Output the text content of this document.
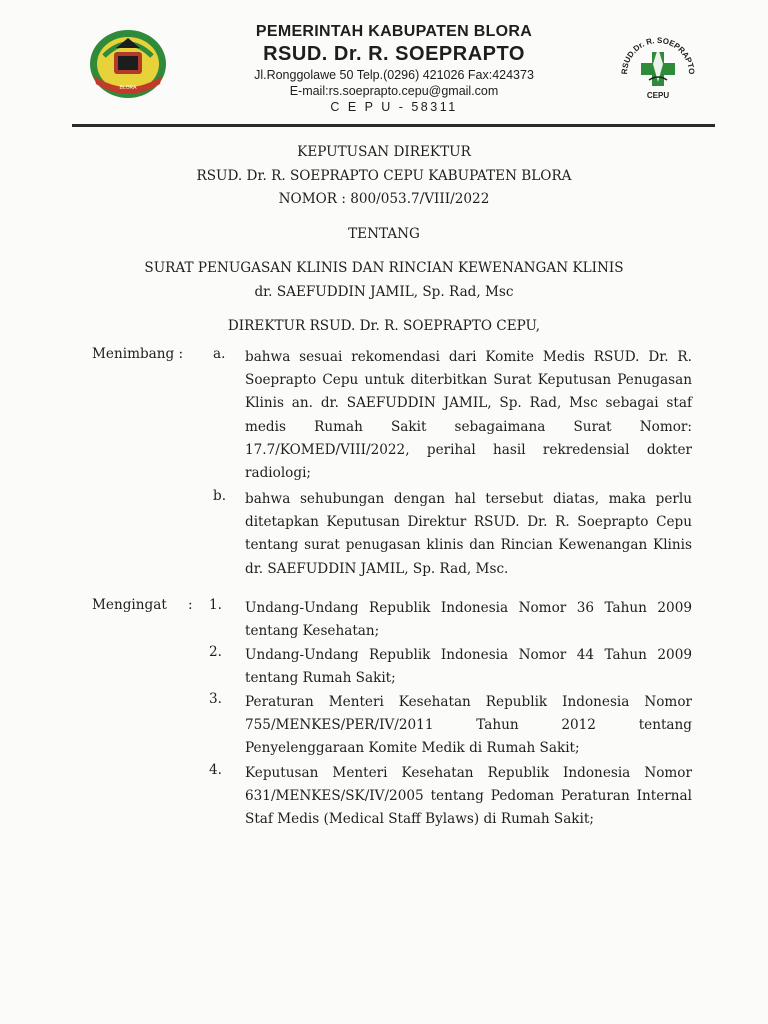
BLORA
PEMERINTAH KABUPATEN BLORA
RSUD. Dr. R. SOEPRAPTO
Jl.Ronggolawe 50 Telp.(0296) 421026 Fax:424373
E-mail:rs.soeprapto.cepu@gmail.com
C E P U - 58311
RSUD.Dr. R. SOEPRAPTO
CEPU
KEPUTUSAN DIREKTUR
RSUD. Dr. R. SOEPRAPTO CEPU KABUPATEN BLORA
NOMOR : 800/053.7/VIII/2022
TENTANG
SURAT PENUGASAN KLINIS DAN RINCIAN KEWENANGAN KLINIS
dr. SAEFUDDIN JAMIL, Sp. Rad, Msc
DIREKTUR RSUD. Dr. R. SOEPRAPTO CEPU,
Menimbang : a. bahwa sesuai rekomendasi dari Komite Medis RSUD. Dr. R. Soeprapto Cepu untuk diterbitkan Surat Keputusan Penugasan Klinis an. dr. SAEFUDDIN JAMIL, Sp. Rad, Msc sebagai staf medis Rumah Sakit sebagaimana Surat Nomor: 17.7/KOMED/VIII/2022, perihal hasil rekredensial dokter radiologi;
b. bahwa sehubungan dengan hal tersebut diatas, maka perlu ditetapkan Keputusan Direktur RSUD. Dr. R. Soeprapto Cepu tentang surat penugasan klinis dan Rincian Kewenangan Klinis dr. SAEFUDDIN JAMIL, Sp. Rad, Msc.
Mengingat : 1. Undang-Undang Republik Indonesia Nomor 36 Tahun 2009 tentang Kesehatan;
2. Undang-Undang Republik Indonesia Nomor 44 Tahun 2009 tentang Rumah Sakit;
3. Peraturan Menteri Kesehatan Republik Indonesia Nomor 755/MENKES/PER/IV/2011 Tahun 2012 tentang Penyelenggaraan Komite Medik di Rumah Sakit;
4. Keputusan Menteri Kesehatan Republik Indonesia Nomor 631/MENKES/SK/IV/2005 tentang Pedoman Peraturan Internal Staf Medis (Medical Staff Bylaws) di Rumah Sakit;
